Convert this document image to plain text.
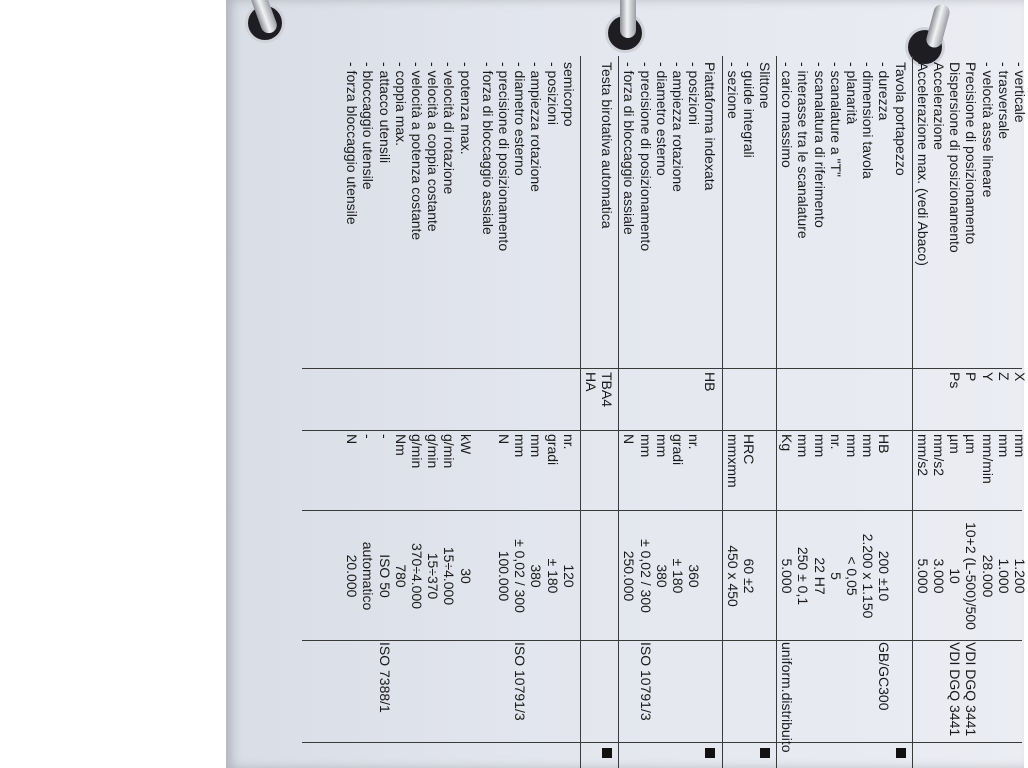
- verticale
X
mm
1.200
- trasversale
Z
mm
1.000
- velocità asse lineare
Y
mm/min
28.000
Precisione di posizionamento
P
µm
10+2 (L-500)/500
VDI DGQ 3441
Dispersione di posizionamento
Ps
µm
10
VDI DGQ 3441
Accelerazione
mm/s2
3.000
Accelerazione max. (vedi Abaco)
mm/s2
5.000
Tavola portapezzo
- durezza
HB
200 ±10
GB/GC300
- dimensioni tavola
mm
2.200 x 1.150
- planarità
mm
< 0,05
- scanalature a "T"
nr.
5
- scanalatura di riferimento
mm
22 H7
- interasse tra le scanalature
mm
250 ± 0,1
- carico massimo
Kg
5.000
uniform.distribuito
Slittone
- guide integrali
HRC
60 ±2
- sezione
mmxmm
450 x 450
Piattaforma indexata
HB
- posizioni
nr.
360
- ampiezza rotazione
gradi
± 180
- diametro esterno
mm
380
- precisione di posizionamento
mm
± 0,02 / 300
ISO 10791/3
- forza di bloccaggio assiale
N
250.000
Testa birotativa automatica
TBA4
HA
semicorpo
nr.
120
- posizioni
gradi
± 180
- ampiezza rotazione
mm
380
- diametro esterno
mm
± 0,02 / 300
ISO 10791/3
- precisione di posizionamento
N
100.000
- forza di bloccaggio assiale
- potenza max.
kW
30
- velocità di rotazione
g/min
15÷4.000
- velocità a coppia costante
g/min
15÷370
- velocità a potenza costante
g/min
370÷4.000
- coppia max.
Nm
780
- attacco utensili
-
ISO 50
ISO 7388/1
- bloccaggio utensile
-
automatico
- forza bloccaggio utensile
N
20.000
